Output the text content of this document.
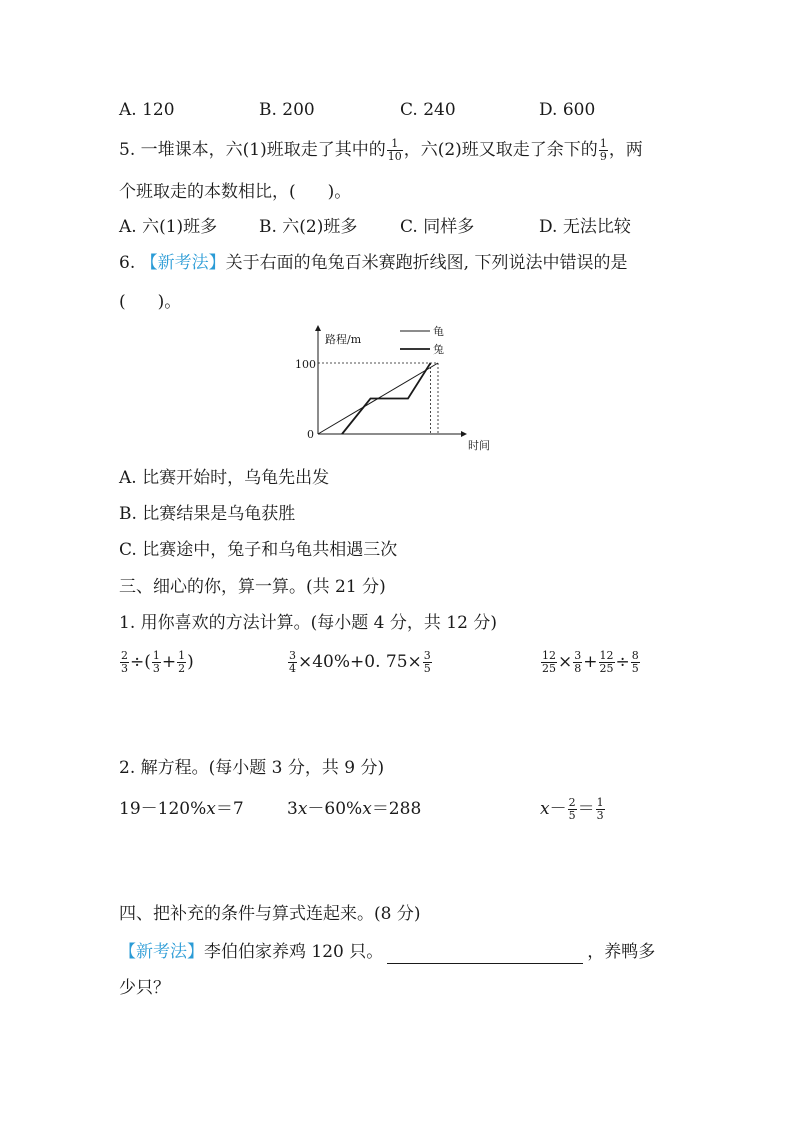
A. 120	B. 200	C. 240	D. 600
5. 一堆课本，六(1)班取走了其中的 $\frac{1}{10}$ ，六(2)班又取走了余下的 $\frac{1}{9}$ ，两
个班取走的本数相比，( )。
A. 六(1)班多 B. 六(2)班多	C. 同样多	D. 无法比较
6. 【新考法】关于右面的龟兔百米赛跑折线图, 下列说法中错误的是
( )。
路程/m
时间
100
0
龟
兔
A. 比赛开始时，乌龟先出发
B. 比赛结果是乌龟获胜
C. 比赛途中，兔子和乌龟共相遇三次
三、细心的你，算一算。(共 21 分)
1. 用你喜欢的方法计算。(每小题 4 分，共 12 分)
$\frac{2}{3}$ ÷( $\frac{1}{3} + \frac{1}{2}$ )	$\frac{3}{4} \times 40\%+0$. $75\times \frac{3}{5}$	$\frac{12}{25} \times \frac{3}{8} + \frac{12}{25} \div \frac{8}{5}$
2. 解方程。(每小题 3 分，共 9 分)
19－120%x＝7	3x－60%x＝288	$x- \frac{2}{5} = \frac{1}{3}$
四、把补充的条件与算式连起来。(8 分)
【新考法】李伯伯家养鸡 120 只。	，养鸭多
少只？
